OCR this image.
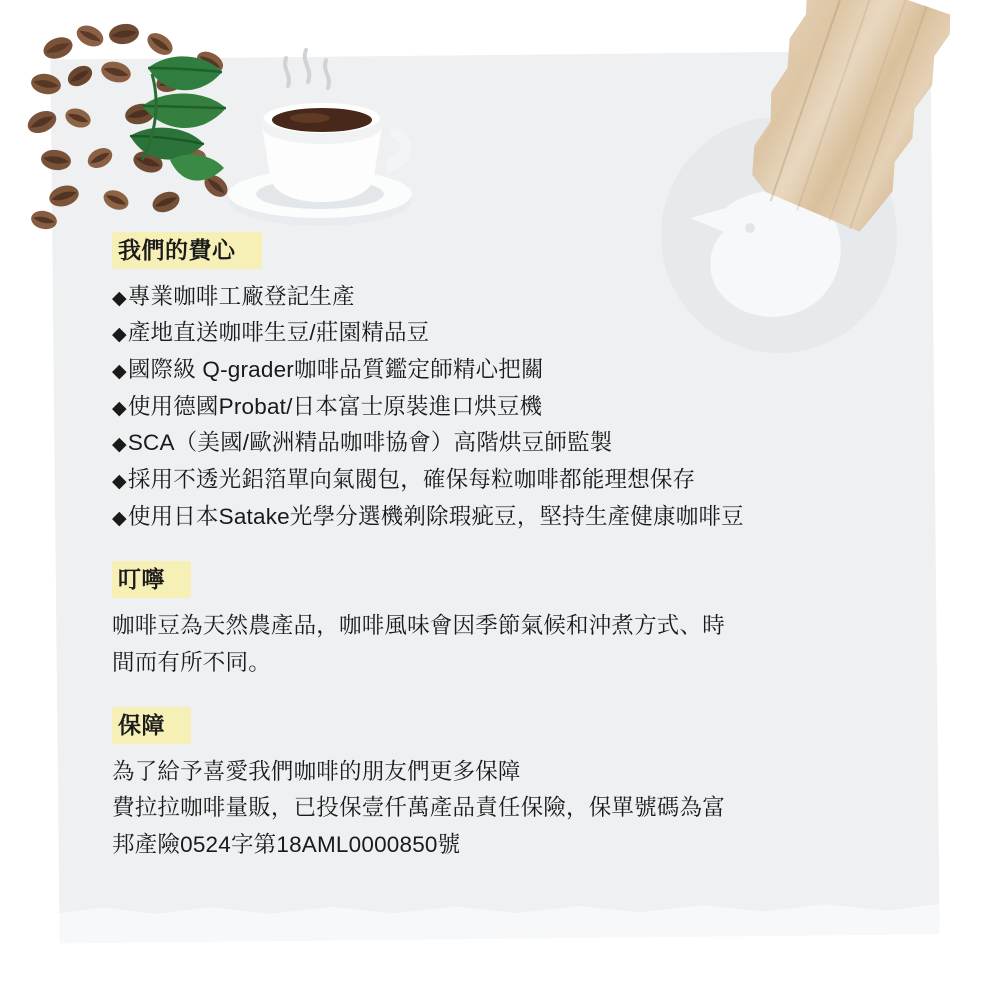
我們的費心
◆專業咖啡工廠登記生產
◆產地直送咖啡生豆/莊園精品豆
◆國際級 Q-grader咖啡品質鑑定師精心把關
◆使用德國Probat/日本富士原裝進口烘豆機
◆SCA（美國/歐洲精品咖啡協會）高階烘豆師監製
◆採用不透光鋁箔單向氣閥包，確保每粒咖啡都能理想保存
◆使用日本Satake光學分選機剃除瑕疵豆，堅持生產健康咖啡豆
叮嚀

咖啡豆為天然農產品，咖啡風味會因季節氣候和沖煮方式、時

間而有所不同。

保障

為了給予喜愛我們咖啡的朋友們更多保障

費拉拉咖啡量販，已投保壹仟萬產品責任保險，保單號碼為富

邦產險0524字第18AML0000850號
